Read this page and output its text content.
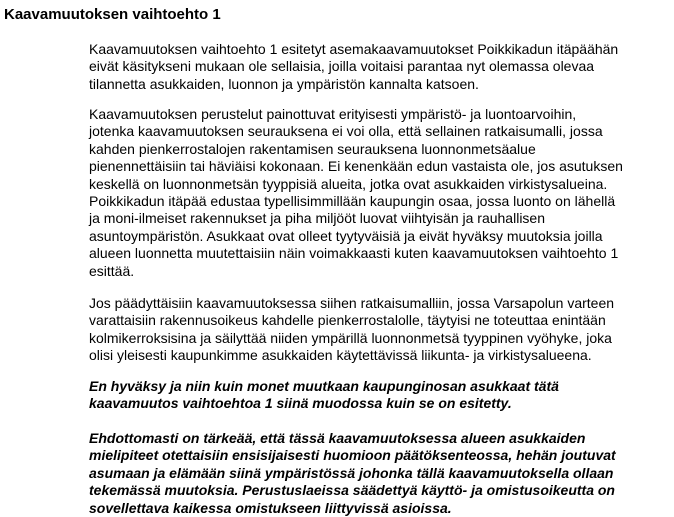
Kaavamuutoksen vaihtoehto 1
Kaavamuutoksen vaihtoehto 1 esitetyt asemakaavamuutokset Poikkikadun itäpäähän
eivät käsitykseni mukaan ole sellaisia, joilla voitaisi parantaa nyt olemassa olevaa
tilannetta asukkaiden, luonnon ja ympäristön kannalta katsoen.
Kaavamuutoksen perustelut painottuvat erityisesti ympäristö- ja luontoarvoihin,
jotenka kaavamuutoksen seurauksena ei voi olla, että sellainen ratkaisumalli, jossa
kahden pienkerrostalojen rakentamisen seurauksena luonnonmetsäalue
pienennettäisiin tai häviäisi kokonaan. Ei kenenkään edun vastaista ole, jos asutuksen
keskellä on luonnonmetsän tyyppisiä alueita, jotka ovat asukkaiden virkistysalueina.
Poikkikadun itäpää edustaa typellisimmillään kaupungin osaa, jossa luonto on lähellä
ja moni-ilmeiset rakennukset ja piha miljööt luovat viihtyisän ja rauhallisen
asuntoympäristön. Asukkaat ovat olleet tyytyväisiä ja eivät hyväksy muutoksia joilla
alueen luonnetta muutettaisiin näin voimakkaasti kuten kaavamuutoksen vaihtoehto 1
esittää.
Jos päädyttäisiin kaavamuutoksessa siihen ratkaisumalliin, jossa Varsapolun varteen
varattaisiin rakennusoikeus kahdelle pienkerrostalolle, täytyisi ne toteuttaa enintään
kolmikerroksisina ja säilyttää niiden ympärillä luonnonmetsä tyyppinen vyöhyke, joka
olisi yleisesti kaupunkimme asukkaiden käytettävissä liikunta- ja virkistysalueena.
En hyväksy ja niin kuin monet muutkaan kaupunginosan asukkaat tätä
kaavamuutos vaihtoehtoa 1 siinä muodossa kuin se on esitetty.
Ehdottomasti on tärkeää, että tässä kaavamuutoksessa alueen asukkaiden
mielipiteet otettaisiin ensisijaisesti huomioon päätöksenteossa, hehän joutuvat
asumaan ja elämään siinä ympäristössä johonka tällä kaavamuutoksella ollaan
tekemässä muutoksia. Perustuslaeissa säädettyä käyttö- ja omistusoikeutta on
sovellettava kaikessa omistukseen liittyvissä asioissa.
